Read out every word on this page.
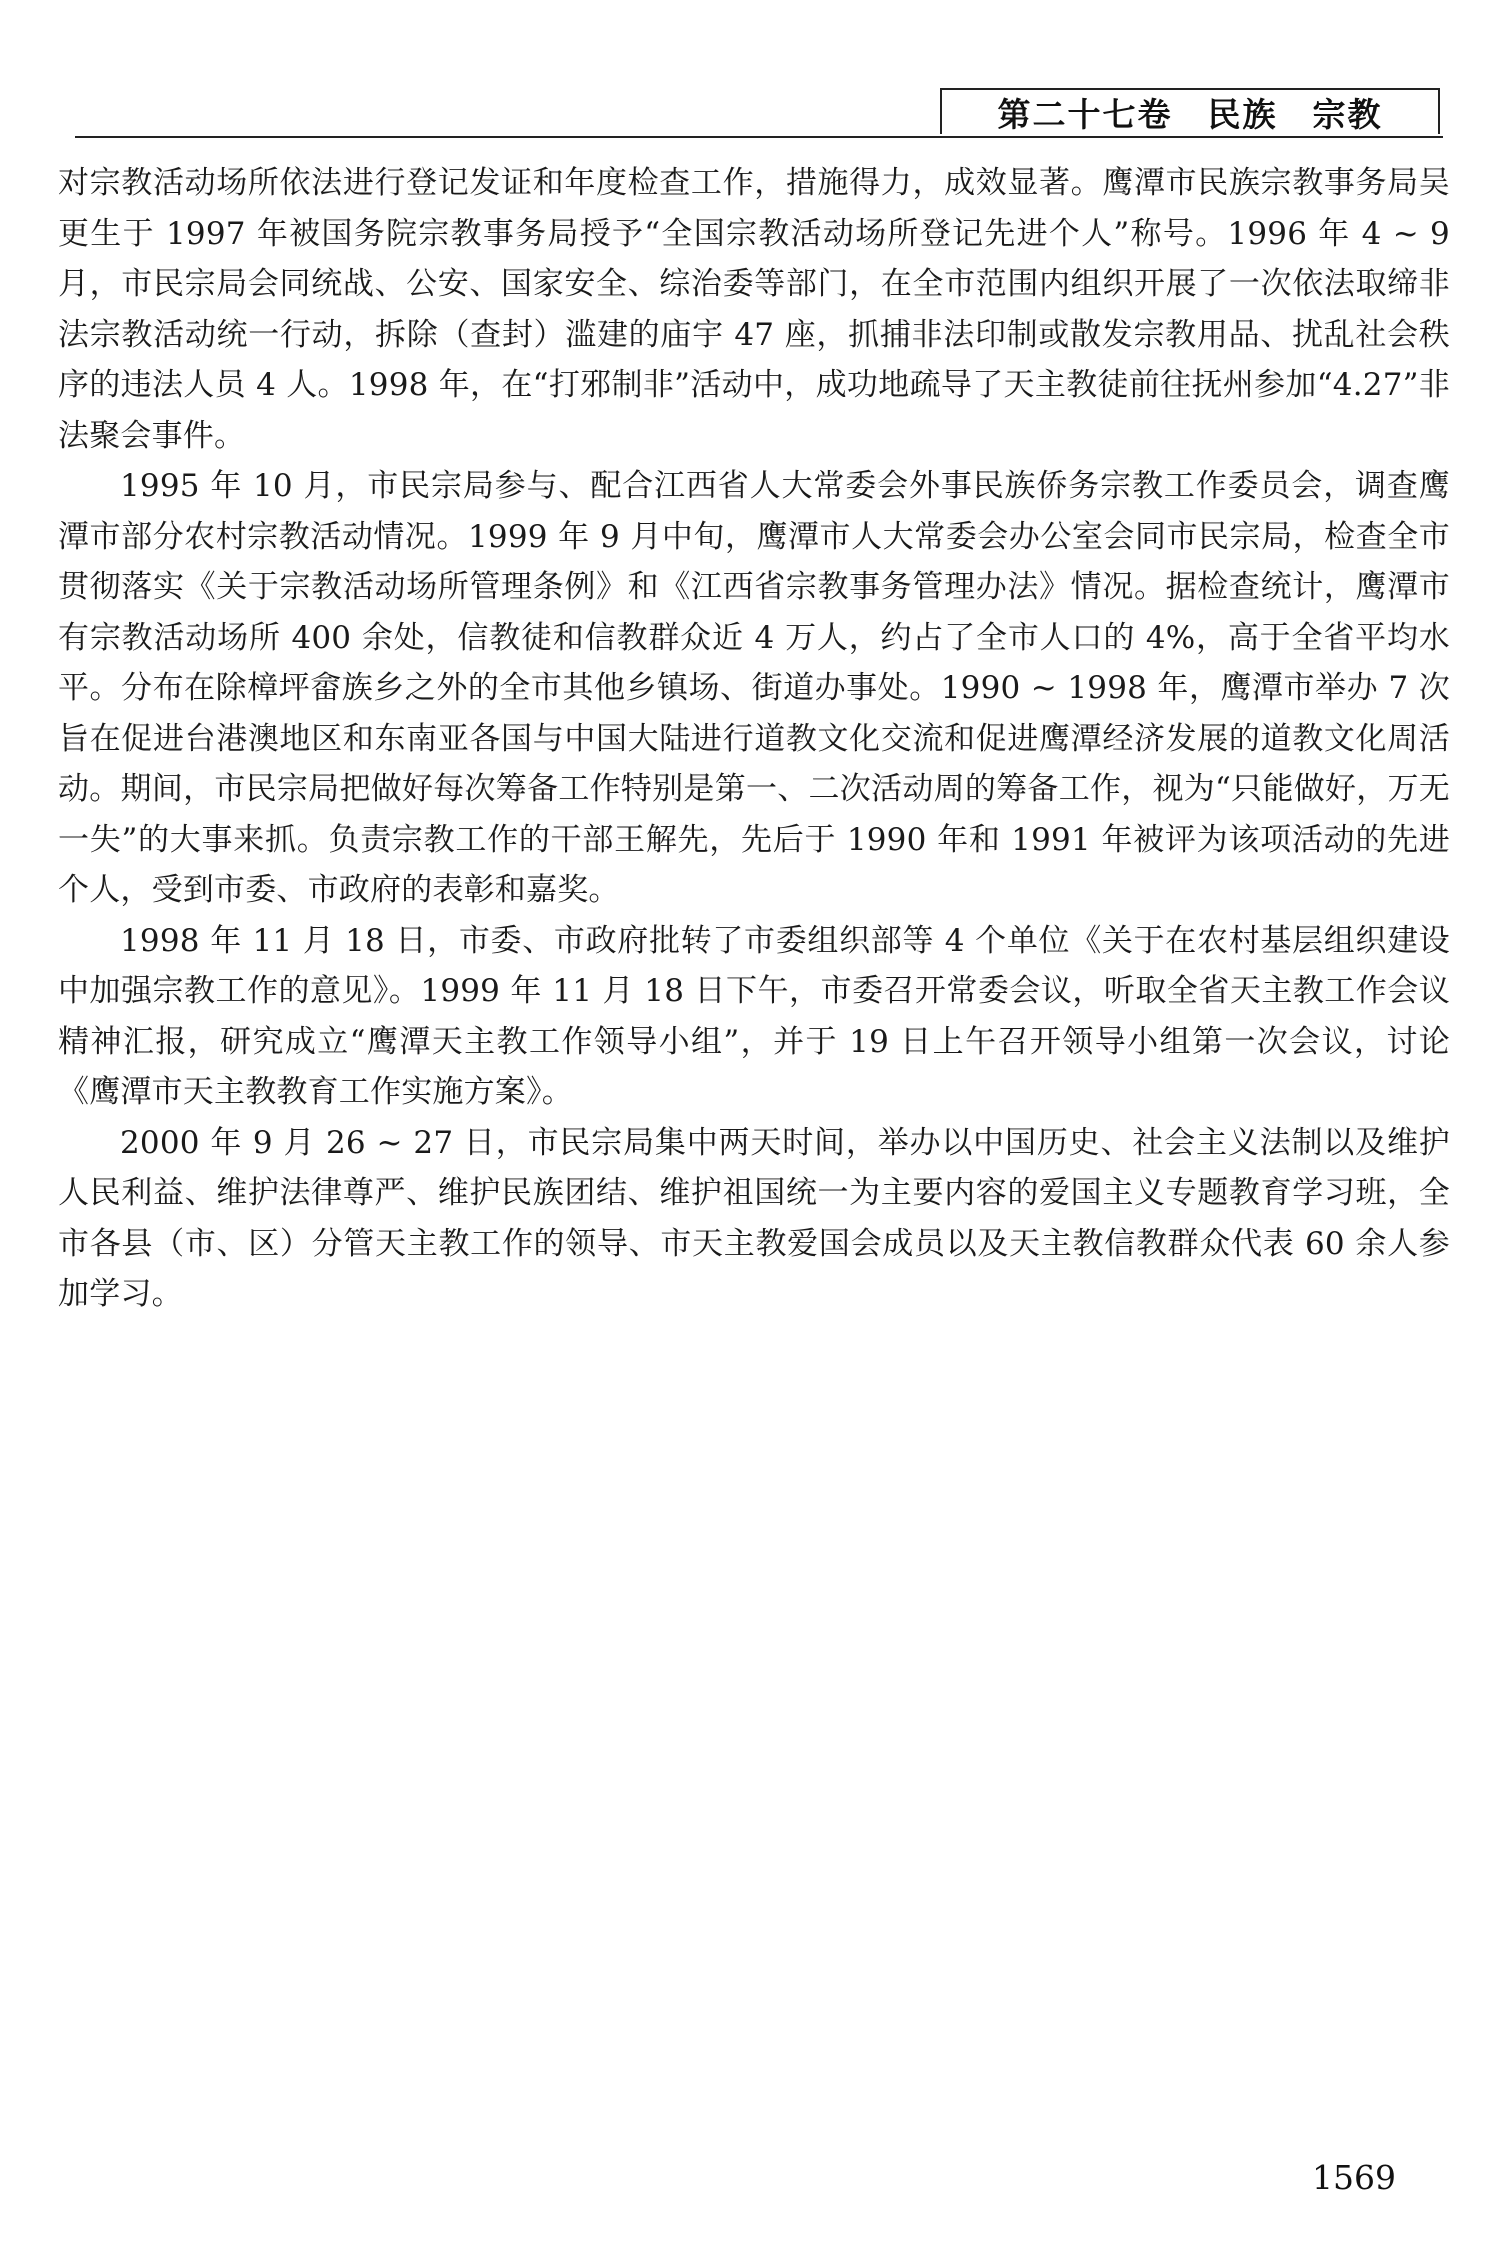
第二十七卷　民族　宗教

对宗教活动场所依法进行登记发证和年度检查工作，措施得力，成效显著。鹰潭市民族宗教事务局吴更生于 1997 年被国务院宗教事务局授予“全国宗教活动场所登记先进个人”称号。1996 年 4 ~ 9 月，市民宗局会同统战、公安、国家安全、综治委等部门，在全市范围内组织开展了一次依法取缔非法宗教活动统一行动，拆除（查封）滥建的庙宇 47 座，抓捕非法印制或散发宗教用品、扰乱社会秩序的违法人员 4 人。1998 年，在“打邪制非”活动中，成功地疏导了天主教徒前往抚州参加“4.27”非法聚会事件。

1995 年 10 月，市民宗局参与、配合江西省人大常委会外事民族侨务宗教工作委员会，调查鹰潭市部分农村宗教活动情况。1999 年 9 月中旬，鹰潭市人大常委会办公室会同市民宗局，检查全市贯彻落实《关于宗教活动场所管理条例》和《江西省宗教事务管理办法》情况。据检查统计，鹰潭市有宗教活动场所 400 余处，信教徒和信教群众近 4 万人，约占了全市人口的 4%，高于全省平均水平。分布在除樟坪畲族乡之外的全市其他乡镇场、街道办事处。1990 ~ 1998 年，鹰潭市举办 7 次旨在促进台港澳地区和东南亚各国与中国大陆进行道教文化交流和促进鹰潭经济发展的道教文化周活动。期间，市民宗局把做好每次筹备工作特别是第一、二次活动周的筹备工作，视为“只能做好，万无一失”的大事来抓。负责宗教工作的干部王解先，先后于 1990 年和 1991 年被评为该项活动的先进个人，受到市委、市政府的表彰和嘉奖。

1998 年 11 月 18 日，市委、市政府批转了市委组织部等 4 个单位《关于在农村基层组织建设中加强宗教工作的意见》。1999 年 11 月 18 日下午，市委召开常委会议，听取全省天主教工作会议精神汇报，研究成立“鹰潭天主教工作领导小组”，并于 19 日上午召开领导小组第一次会议，讨论《鹰潭市天主教教育工作实施方案》。

2000 年 9 月 26 ~ 27 日，市民宗局集中两天时间，举办以中国历史、社会主义法制以及维护人民利益、维护法律尊严、维护民族团结、维护祖国统一为主要内容的爱国主义专题教育学习班，全市各县（市、区）分管天主教工作的领导、市天主教爱国会成员以及天主教信教群众代表 60 余人参加学习。

1569
